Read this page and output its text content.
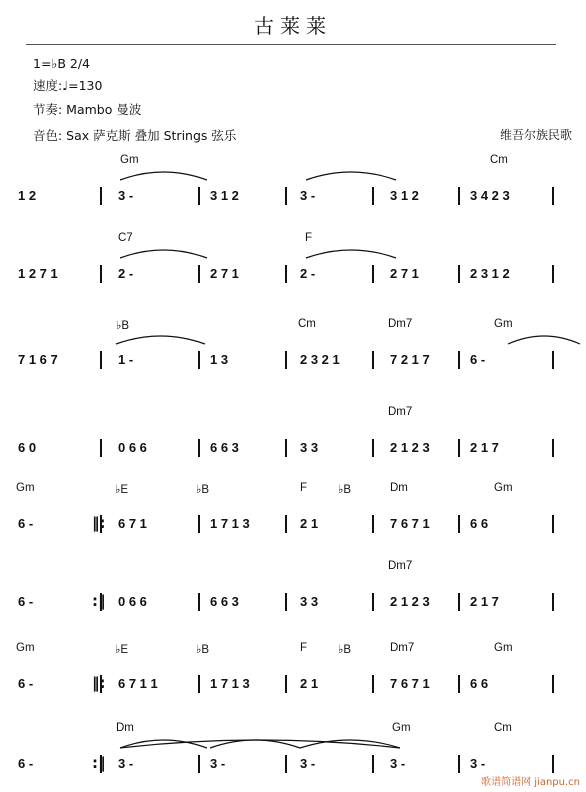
古莱莱
1=♭B 2/4
速度:♩=130
节奏: Mambo 曼波
音色: Sax 萨克斯 叠加 Strings 弦乐	维吾尔族民歌
Gm	Cm
1 2	3 -	3 1 2	3 -	3 1 2	3 4 2 3
C7	F
1 2 7 1	2 -	2 7 1	2 -	2 7 1	2 3 1 2
♭B	Cm	Dm7	Gm
7 1 6 7	1 -	1 3	2 3 2 1	7 2 1 7	6 -
Dm7
6 0	0 6 6	6 6 3	3 3	2 1 2 3	2 1 7
Gm	♭E	♭B	F	♭B	Dm	Gm
6 -	6 7 1	1 7 1 3	2 1	7 6 7 1	6 6
Dm7
6 -	0 6 6	6 6 3	3 3	2 1 2 3	2 1 7
Gm	♭E	♭B	F	♭B	Dm7	Gm
6 -	6 7 1 1	1 7 1 3	2 1	7 6 7 1	6 6
Dm	Gm	Cm
6 -	3 -	3 -	3 -	3 -	3 -
‖:
:‖
‖:
:‖
歌谱简谱网 jianpu.cn
